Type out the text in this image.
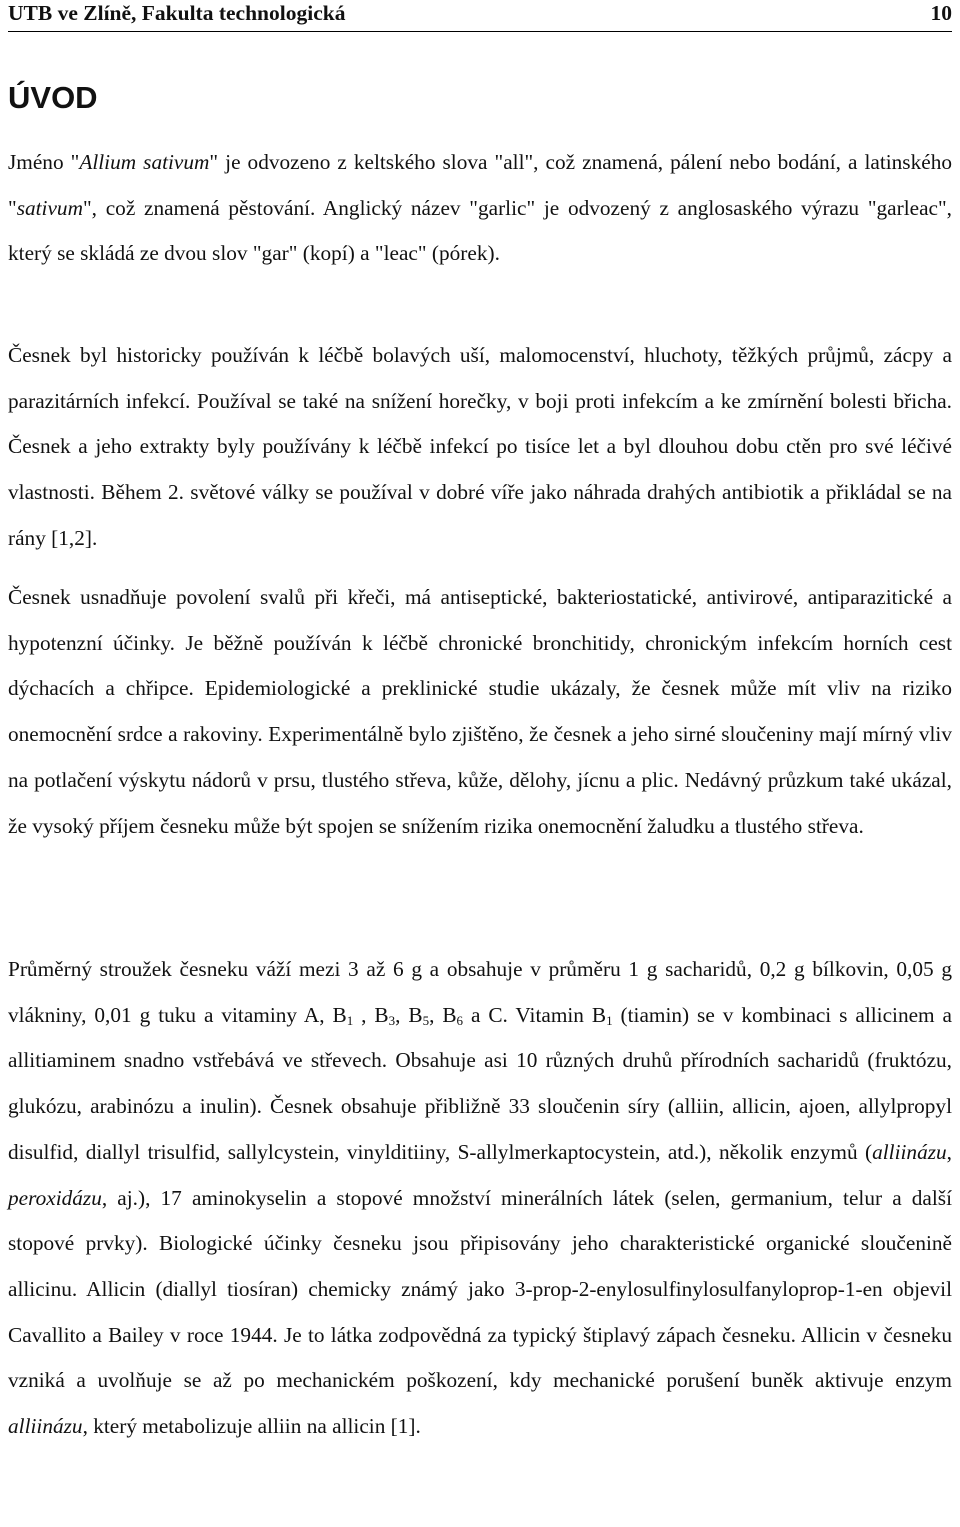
UTB ve Zlíně, Fakulta technologická	10
ÚVOD

Jméno "Allium sativum" je odvozeno z keltského slova "all", což znamená, pálení nebo bodání, a latinského "sativum", což znamená pěstování. Anglický název "garlic" je odvozený z anglosaského výrazu "garleac", který se skládá ze dvou slov "gar" (kopí) a "leac" (pórek).

Česnek byl historicky používán k léčbě bolavých uší, malomocenství, hluchoty, těžkých průjmů, zácpy a parazitárních infekcí. Používal se také na snížení horečky, v boji proti infekcím a ke zmírnění bolesti břicha. Česnek a jeho extrakty byly používány k léčbě infekcí po tisíce let a byl dlouhou dobu ctěn pro své léčivé vlastnosti. Během 2. světové války se používal v dobré víře jako náhrada drahých antibiotik a přikládal se na rány [1,2].

Česnek usnadňuje povolení svalů při křeči, má antiseptické, bakteriostatické, antivirové, antiparazitické a hypotenzní účinky. Je běžně používán k léčbě chronické bronchitidy, chronickým infekcím horních cest dýchacích a chřipce. Epidemiologické a preklinické studie ukázaly, že česnek může mít vliv na riziko onemocnění srdce a rakoviny. Experimentálně bylo zjištěno, že česnek a jeho sirné sloučeniny mají mírný vliv na potlačení výskytu nádorů v prsu, tlustého střeva, kůže, dělohy, jícnu a plic. Nedávný průzkum také ukázal, že vysoký příjem česneku může být spojen se snížením rizika onemocnění žaludku a tlustého střeva.

Průměrný stroužek česneku váží mezi 3 až 6 g a obsahuje v průměru 1 g sacharidů, 0,2 g bílkovin, 0,05 g vlákniny, 0,01 g tuku a vitaminy A, $B_1$ , $B_3$, $B_5$, $B_6$ a C. Vitamin $B_1$ (tiamin) se v kombinaci s allicinem a allitiaminem snadno vstřebává ve střevech. Obsahuje asi 10 různých druhů přírodních sacharidů (fruktózu, glukózu, arabinózu a inulin). Česnek obsahuje přibližně 33 sloučenin síry (alliin, allicin, ajoen, allylpropyl disulfid, diallyl trisulfid, sallylcystein, vinylditiiny, S-allylmerkaptocystein, atd.), několik enzymů (alliinázu, peroxidázu, aj.), 17 aminokyselin a stopové množství minerálních látek (selen, germanium, telur a další stopové prvky). Biologické účinky česneku jsou připisovány jeho charakteristické organické sloučenině allicinu. Allicin (diallyl tiosíran) chemicky známý jako 3-prop-2-enylosulfinylosulfanyloprop-1-en objevil Cavallito a Bailey v roce 1944. Je to látka zodpovědná za typický štiplavý zápach česneku. Allicin v česneku vzniká a uvolňuje se až po mechanickém poškození, kdy mechanické porušení buněk aktivuje enzym alliinázu, který metabolizuje alliin na allicin [1].
